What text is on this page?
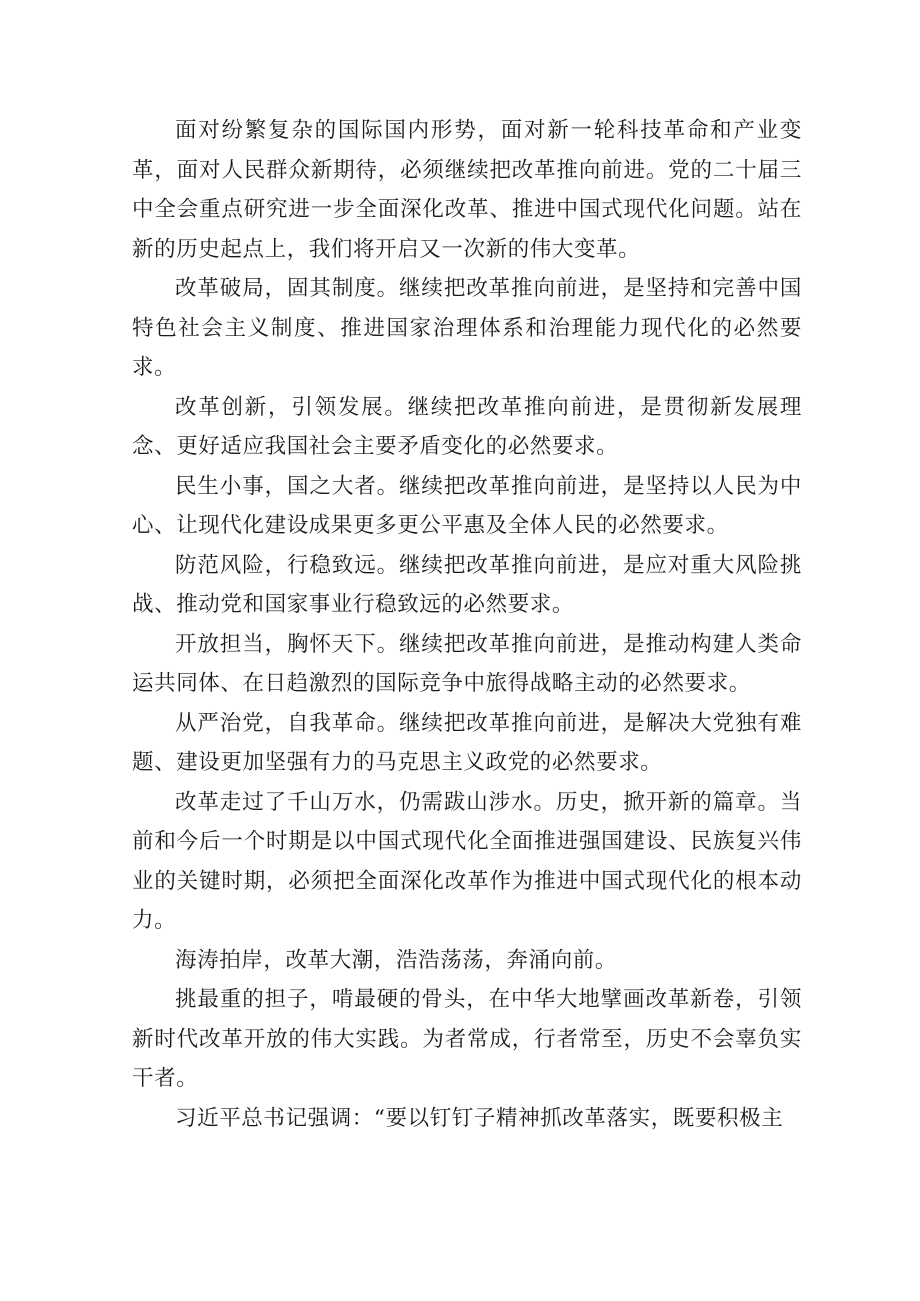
面对纷繁复杂的国际国内形势，面对新一轮科技革命和产业变革，面对人民群众新期待，必须继续把改革推向前进。党的二十届三中全会重点研究进一步全面深化改革、推进中国式现代化问题。站在新的历史起点上，我们将开启又一次新的伟大变革。

改革破局，固其制度。继续把改革推向前进，是坚持和完善中国特色社会主义制度、推进国家治理体系和治理能力现代化的必然要求。

改革创新，引领发展。继续把改革推向前进，是贯彻新发展理念、更好适应我国社会主要矛盾变化的必然要求。

民生小事，国之大者。继续把改革推向前进，是坚持以人民为中心、让现代化建设成果更多更公平惠及全体人民的必然要求。

防范风险，行稳致远。继续把改革推向前进，是应对重大风险挑战、推动党和国家事业行稳致远的必然要求。

开放担当，胸怀天下。继续把改革推向前进，是推动构建人类命运共同体、在日趋激烈的国际竞争中旅得战略主动的必然要求。

从严治党，自我革命。继续把改革推向前进，是解决大党独有难题、建设更加坚强有力的马克思主义政党的必然要求。

改革走过了千山万水，仍需跋山涉水。历史，掀开新的篇章。当前和今后一个时期是以中国式现代化全面推进强国建设、民族复兴伟业的关键时期，必须把全面深化改革作为推进中国式现代化的根本动力。

海涛拍岸，改革大潮，浩浩荡荡，奔涌向前。

挑最重的担子，啃最硬的骨头，在中华大地擘画改革新卷，引领新时代改革开放的伟大实践。为者常成，行者常至，历史不会辜负实干者。

习近平总书记强调：“要以钉钉子精神抓改革落实，既要积极主
